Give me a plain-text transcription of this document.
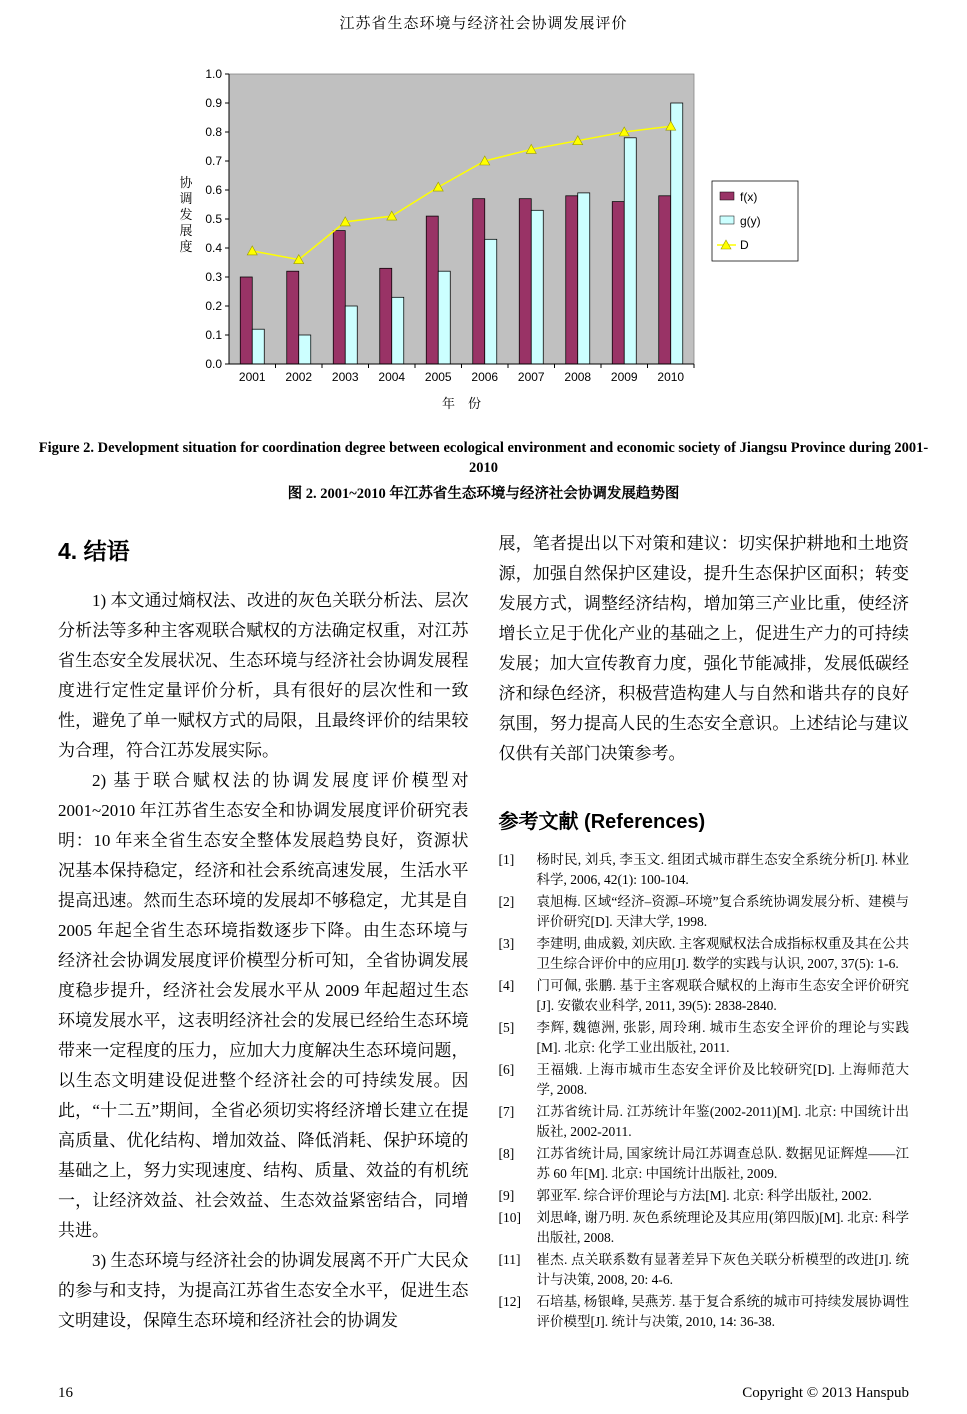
江苏省生态环境与经济社会协调发展评价
0.0
0.1
0.2
0.3
0.4
0.5
0.6
0.7
0.8
0.9
1.0
2001 2002 2003 2004 2005 2006 2007 2008 2009 2010
协
调
发
展
度
年　份
f(x)
g(y)
D
Figure 2. Development situation for coordination degree between ecological environment and economic society of Jiangsu Province during 2001-2010
图 2. 2001~2010 年江苏省生态环境与经济社会协调发展趋势图
4. 结语

1) 本文通过熵权法、改进的灰色关联分析法、层次分析法等多种主客观联合赋权的方法确定权重，对江苏省生态安全发展状况、生态环境与经济社会协调发展程度进行定性定量评价分析，具有很好的层次性和一致性，避免了单一赋权方式的局限，且最终评价的结果较为合理，符合江苏发展实际。

2) 基于联合赋权法的协调发展度评价模型对 2001~2010 年江苏省生态安全和协调发展度评价研究表明：10 年来全省生态安全整体发展趋势良好，资源状况基本保持稳定，经济和社会系统高速发展，生活水平提高迅速。然而生态环境的发展却不够稳定，尤其是自 2005 年起全省生态环境指数逐步下降。由生态环境与经济社会协调发展度评价模型分析可知，全省协调发展度稳步提升，经济社会发展水平从 2009 年起超过生态环境发展水平，这表明经济社会的发展已经给生态环境带来一定程度的压力，应加大力度解决生态环境问题，以生态文明建设促进整个经济社会的可持续发展。因此，“十二五”期间，全省必须切实将经济增长建立在提高质量、优化结构、增加效益、降低消耗、保护环境的基础之上，努力实现速度、结构、质量、效益的有机统一，让经济效益、社会效益、生态效益紧密结合，同增共进。

3) 生态环境与经济社会的协调发展离不开广大民众的参与和支持，为提高江苏省生态安全水平，促进生态文明建设，保障生态环境和经济社会的协调发

展，笔者提出以下对策和建议：切实保护耕地和土地资源，加强自然保护区建设，提升生态保护区面积；转变发展方式，调整经济结构，增加第三产业比重，使经济增长立足于优化产业的基础之上，促进生产力的可持续发展；加大宣传教育力度，强化节能减排，发展低碳经济和绿色经济，积极营造构建人与自然和谐共存的良好氛围，努力提高人民的生态安全意识。上述结论与建议仅供有关部门决策参考。

参考文献 (References)
[1]	杨时民, 刘兵, 李玉文. 组团式城市群生态安全系统分析[J]. 林业科学, 2006, 42(1): 100-104.
[2]	袁旭梅. 区域“经济–资源–环境”复合系统协调发展分析、建模与评价研究[D]. 天津大学, 1998.
[3]	李建明, 曲成毅, 刘庆欧. 主客观赋权法合成指标权重及其在公共卫生综合评价中的应用[J]. 数学的实践与认识, 2007, 37(5): 1-6.
[4]	门可佩, 张鹏. 基于主客观联合赋权的上海市生态安全评价研究[J]. 安徽农业科学, 2011, 39(5): 2838-2840.
[5]	李辉, 魏德洲, 张影, 周玲琍. 城市生态安全评价的理论与实践[M]. 北京: 化学工业出版社, 2011.
[6]	王福娥. 上海市城市生态安全评价及比较研究[D]. 上海师范大学, 2008.
[7]	江苏省统计局. 江苏统计年鉴(2002-2011)[M]. 北京: 中国统计出版社, 2002-2011.
[8]	江苏省统计局, 国家统计局江苏调查总队. 数据见证辉煌——江苏 60 年[M]. 北京: 中国统计出版社, 2009.
[9]	郭亚军. 综合评价理论与方法[M]. 北京: 科学出版社, 2002.
[10]	刘思峰, 谢乃明. 灰色系统理论及其应用(第四版)[M]. 北京: 科学出版社, 2008.
[11]	崔杰. 点关联系数有显著差异下灰色关联分析模型的改进[J]. 统计与决策, 2008, 20: 4-6.
[12]	石培基, 杨银峰, 吴燕芳. 基于复合系统的城市可持续发展协调性评价模型[J]. 统计与决策, 2010, 14: 36-38.
16	Copyright © 2013 Hanspub
